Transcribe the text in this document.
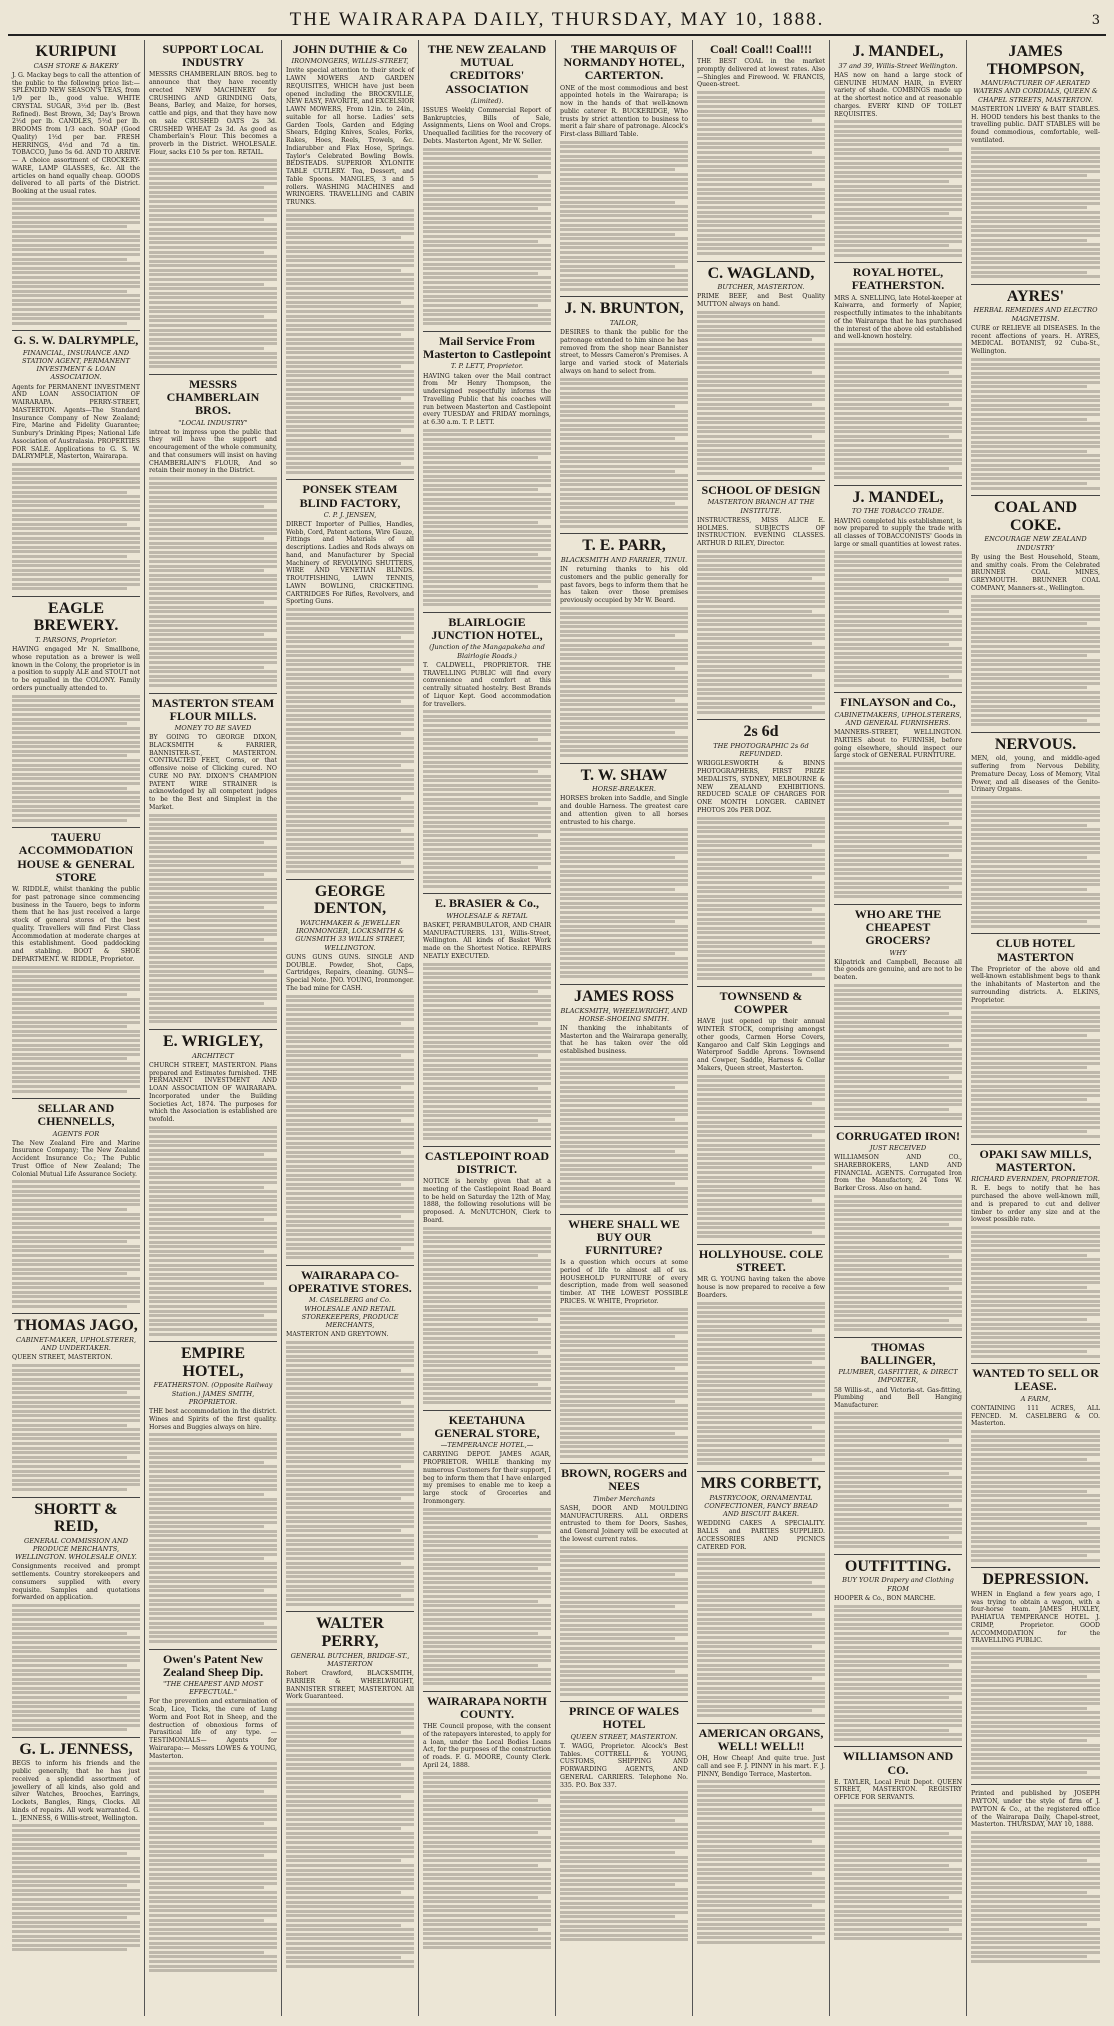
THE WAIRARAPA DAILY, THURSDAY, MAY 10, 1888.	3
KURIPUNI
CASH STORE & BAKERY
J. G. Mackay begs to call the attention of the public to the following price list:— SPLENDID NEW SEASON'S TEAS, from 1/9 per lb., good value. WHITE CRYSTAL SUGAR, 3½d per lb. (Best Refined). Best Brown, 3d; Day's Brown 2½d per lb. CANDLES, 5½d per lb. BROOMS from 1/3 each. SOAP (Good Quality) 1½d per bar. FRESH HERRINGS, 4½d and 7d a tin. TOBACCO, Juno 5s 6d. AND TO ARRIVE— A choice assortment of CROCKERY-WARE, LAMP GLASSES, &c. All the articles on hand equally cheap. GOODS delivered to all parts of the District. Booking at the usual rates.
G. S. W. DALRYMPLE,
FINANCIAL, INSURANCE AND STATION AGENT, PERMANENT INVESTMENT & LOAN ASSOCIATION.
Agents for PERMANENT INVESTMENT AND LOAN ASSOCIATION OF WAIRARAPA. PERRY-STREET, MASTERTON. Agents—The Standard Insurance Company of New Zealand; Fire, Marine and Fidelity Guarantee; Sunbury's Drinking Pipes; National Life Association of Australasia. PROPERTIES FOR SALE. Applications to G. S. W. DALRYMPLE, Masterton, Wairarapa.
EAGLE BREWERY.
T. PARSONS, Proprietor.
HAVING engaged Mr N. Smallbone, whose reputation as a brewer is well known in the Colony, the proprietor is in a position to supply ALE and STOUT not to be equalled in the COLONY. Family orders punctually attended to.
TAUERU ACCOMMODATION HOUSE & GENERAL STORE
W. RIDDLE, whilst thanking the public for past patronage since commencing business in the Tauero, begs to inform them that he has just received a large stock of general stores of the best quality. Travellers will find First Class Accommodation at moderate charges at this establishment. Good paddocking and stabling. BOOT & SHOE DEPARTMENT. W. RIDDLE, Proprietor.
SELLAR AND CHENNELLS,
AGENTS FOR
The New Zealand Fire and Marine Insurance Company; The New Zealand Accident Insurance Co.; The Public Trust Office of New Zealand; The Colonial Mutual Life Assurance Society.
THOMAS JAGO,
CABINET-MAKER, UPHOLSTERER, AND UNDERTAKER.
QUEEN STREET, MASTERTON.
SHORTT & REID,
GENERAL COMMISSION AND PRODUCE MERCHANTS, WELLINGTON. WHOLESALE ONLY.
Consignments received and prompt settlements. Country storekeepers and consumers supplied with every requisite. Samples and quotations forwarded on application.
G. L. JENNESS,
BEGS to inform his friends and the public generally, that he has just received a splendid assortment of jewellery of all kinds, also gold and silver Watches, Brooches, Earrings, Lockets, Bangles, Rings, Clocks. All kinds of repairs. All work warranted. G. L. JENNESS, 6 Willis-street, Wellington.
SUPPORT LOCAL INDUSTRY
MESSRS CHAMBERLAIN BROS. beg to announce that they have recently erected NEW MACHINERY for CRUSHING AND GRINDING Oats, Beans, Barley, and Maize, for horses, cattle and pigs, and that they have now on sale CRUSHED OATS 2s 3d. CRUSHED WHEAT 2s 3d. As good as Chamberlain's Flour. This becomes a proverb in the District. WHOLESALE. Flour, sacks £10 5s per ton. RETAIL.
MESSRS CHAMBERLAIN BROS.
"LOCAL INDUSTRY"
intreat to impress upon the public that they will have the support and encouragement of the whole community, and that consumers will insist on having CHAMBERLAIN'S FLOUR, And so retain their money in the District.
MASTERTON STEAM FLOUR MILLS.
MONEY TO BE SAVED
BY GOING TO GEORGE DIXON, BLACKSMITH & FARRIER, BANNISTER-ST., MASTERTON. CONTRACTED FEET, Corns, or that offensive noise of Clicking cured. NO CURE NO PAY. DIXON'S CHAMPION PATENT WIRE STRAINER is acknowledged by all competent judges to be the Best and Simplest in the Market.
E. WRIGLEY,
ARCHITECT
CHURCH STREET, MASTERTON. Plans prepared and Estimates furnished. THE PERMANENT INVESTMENT AND LOAN ASSOCIATION OF WAIRARAPA. Incorporated under the Building Societies Act, 1874. The purposes for which the Association is established are twofold.
EMPIRE HOTEL,
FEATHERSTON. (Opposite Railway Station.) JAMES SMITH, PROPRIETOR.
THE best accommodation in the district. Wines and Spirits of the first quality. Horses and Buggies always on hire.
Owen's Patent New Zealand Sheep Dip.
"THE CHEAPEST AND MOST EFFECTUAL."
For the prevention and extermination of Scab, Lice, Ticks, the cure of Lung Worm and Foot Rot in Sheep, and the destruction of obnoxious forms of Parasitical life of any type. —TESTIMONIALS— Agents for Wairarapa:— Messrs LOWES & YOUNG, Masterton.
JOHN DUTHIE & Co
IRONMONGERS, WILLIS-STREET,
Invite special attention to their stock of LAWN MOWERS AND GARDEN REQUISITES, WHICH have just been opened including the BROCKVILLE, NEW EASY, FAVORITE, and EXCELSIOR LAWN MOWERS, From 12in. to 24in., suitable for all horse. Ladies' sets Garden Tools, Garden and Edging Shears, Edging Knives, Scales, Forks, Rakes, Hoes, Reels, Trowels, &c. Indiarubber and Flax Hose, Springs. Taylor's Celebrated Bowling Bowls. BEDSTEADS. SUPERIOR XYLONITE TABLE CUTLERY. Tea, Dessert, and Table Spoons. MANGLES, 3 and 5 rollers. WASHING MACHINES and WRINGERS. TRAVELLING and CABIN TRUNKS.
PONSEK STEAM BLIND FACTORY,
C. P. J. JENSEN,
DIRECT Importer of Pullies, Handles, Webb, Cord, Patent actions, Wire Gauze, Fittings and Materials of all descriptions. Ladies and Rods always on hand, and Manufacturer by Special Machinery of REVOLVING SHUTTERS, WIRE AND VENETIAN BLINDS. TROUTFISHING, LAWN TENNIS, LAWN BOWLING, CRICKETING. CARTRIDGES For Rifles, Revolvers, and Sporting Guns.
GEORGE DENTON,
WATCHMAKER & JEWELLER IRONMONGER, LOCKSMITH & GUNSMITH 33 WILLIS STREET, WELLINGTON.
GUNS GUNS GUNS. SINGLE AND DOUBLE. Powder, Shot, Caps, Cartridges, Repairs, cleaning. GUNS—Special Note. JNO. YOUNG, Ironmonger. The bad mine for CASH.
WAIRARAPA CO-OPERATIVE STORES.
M. CASELBERG and Co. WHOLESALE AND RETAIL STOREKEEPERS, PRODUCE MERCHANTS,
MASTERTON AND GREYTOWN.
WALTER PERRY,
GENERAL BUTCHER, BRIDGE-ST., MASTERTON
Robert Crawford, BLACKSMITH, FARRIER & WHEELWRIGHT, BANNISTER STREET, MASTERTON. All Work Guaranteed.
THE NEW ZEALAND MUTUAL CREDITORS' ASSOCIATION
(Limited).
ISSUES Weekly Commercial Report of Bankruptcies, Bills of Sale, Assignments, Liens on Wool and Crops. Unequalled facilities for the recovery of Debts. Masterton Agent, Mr W. Seller.
Mail Service From Masterton to Castlepoint
T. P. LETT, Proprietor.
HAVING taken over the Mail contract from Mr Henry Thompson, the undersigned respectfully informs the Travelling Public that his coaches will run between Masterton and Castlepoint every TUESDAY and FRIDAY mornings, at 6.30 a.m. T. P. LETT.
BLAIRLOGIE JUNCTION HOTEL,
(Junction of the Mangapakeha and Blairlogie Roads.)
T. CALDWELL, PROPRIETOR. THE TRAVELLING PUBLIC will find every convenience and comfort at this centrally situated hostelry. Best Brands of Liquor Kept. Good accommodation for travellers.
E. BRASIER & Co.,
WHOLESALE & RETAIL
BASKET, PERAMBULATOR, AND CHAIR MANUFACTURERS. 131, Willis-Street, Wellington. All kinds of Basket Work made on the Shortest Notice. REPAIRS NEATLY EXECUTED.
CASTLEPOINT ROAD DISTRICT.
NOTICE is hereby given that at a meeting of the Castlepoint Road Board to be held on Saturday the 12th of May, 1888, the following resolutions will be proposed. A. McNUTCHON, Clerk to Board.
KEETAHUNA GENERAL STORE,
—TEMPERANCE HOTEL,—
CARRYING DEPOT. JAMES AGAR, PROPRIETOR. WHILE thanking my numerous Customers for their support, I beg to inform them that I have enlarged my premises to enable me to keep a large stock of Groceries and Ironmongery.
WAIRARAPA NORTH COUNTY.
THE Council propose, with the consent of the ratepayers interested, to apply for a loan, under the Local Bodies Loans Act, for the purposes of the construction of roads. F. G. MOORE, County Clerk. April 24, 1888.
THE MARQUIS OF NORMANDY HOTEL, CARTERTON.
ONE of the most commodious and best appointed hotels in the Wairarapa; is now in the hands of that well-known public caterer R. BUCKERIDGE, Who trusts by strict attention to business to merit a fair share of patronage. Alcock's First-class Billiard Table.
J. N. BRUNTON,
TAILOR,
DESIRES to thank the public for the patronage extended to him since he has removed from the shop near Bannister street, to Messrs Cameron's Premises. A large and varied stock of Materials always on hand to select from.
T. E. PARR,
BLACKSMITH AND FARRIER, TINUI.
IN returning thanks to his old customers and the public generally for past favors, begs to inform them that he has taken over those premises previously occupied by Mr W. Beard.
T. W. SHAW
HORSE-BREAKER.
HORSES broken into Saddle, and Single and double Harness. The greatest care and attention given to all horses entrusted to his charge.
JAMES ROSS
BLACKSMITH, WHEELWRIGHT, AND HORSE-SHOEING SMITH.
IN thanking the inhabitants of Masterton and the Wairarapa generally, that he has taken over the old established business.
WHERE SHALL WE BUY OUR FURNITURE?
Is a question which occurs at some period of life to almost all of us. HOUSEHOLD FURNITURE of every description, made from well seasoned timber. AT THE LOWEST POSSIBLE PRICES. W. WHITE, Proprietor.
BROWN, ROGERS and NEES
Timber Merchants
SASH, DOOR AND MOULDING MANUFACTURERS. ALL ORDERS entrusted to them for Doors, Sashes, and General Joinery will be executed at the lowest current rates.
PRINCE OF WALES HOTEL
QUEEN STREET, MASTERTON.
T. WAGG, Proprietor. Alcock's Best Tables. COTTRELL & YOUNG, CUSTOMS, SHIPPING AND FORWARDING AGENTS, AND GENERAL CARRIERS. Telephone No. 335. P.O. Box 337.
Coal! Coal!! Coal!!!
THE BEST COAL in the market promptly delivered at lowest rates. Also—Shingles and Firewood. W. FRANCIS, Queen-street.
C. WAGLAND,
BUTCHER, MASTERTON.
PRIME BEEF, and Best Quality MUTTON always on hand.
SCHOOL OF DESIGN
MASTERTON BRANCH AT THE INSTITUTE.
INSTRUCTRESS, MISS ALICE E. HOLMES. SUBJECTS OF INSTRUCTION. EVENING CLASSES. ARTHUR D RILEY, Director.
2s 6d
THE PHOTOGRAPHIC 2s 6d REFUNDED.
WRIGGLESWORTH & BINNS PHOTOGRAPHERS, FIRST PRIZE MEDALISTS, SYDNEY, MELBOURNE & NEW ZEALAND EXHIBITIONS. REDUCED SCALE OF CHARGES FOR ONE MONTH LONGER. CABINET PHOTOS 20s PER DOZ.
TOWNSEND & COWPER
HAVE just opened up their annual WINTER STOCK, comprising amongst other goods, Carmen Horse Covers, Kangaroo and Calf Skin Leggings and Waterproof Saddle Aprons. Townsend and Cowper, Saddle, Harness & Collar Makers, Queen street, Masterton.
HOLLYHOUSE. COLE STREET.
MR G. YOUNG having taken the above house is now prepared to receive a few Boarders.
MRS CORBETT,
PASTRYCOOK, ORNAMENTAL CONFECTIONER, FANCY BREAD AND BISCUIT BAKER.
WEDDING CAKES A SPECIALITY. BALLS and PARTIES SUPPLIED. ACCESSORIES AND PICNICS CATERED FOR.
AMERICAN ORGANS, WELL! WELL!!
OH, How Cheap! And quite true. Just call and see F. J. PINNY in his mart. F. J. PINNY, Bendigo Terrace, Masterton.
J. MANDEL,
37 and 39, Willis-Street Wellington.
HAS now on hand a large stock of GENUINE HUMAN HAIR, in EVERY variety of shade. COMBINGS made up at the shortest notice and at reasonable charges. EVERY KIND OF TOILET REQUISITES.
ROYAL HOTEL, FEATHERSTON.
MRS A. SNELLING, late Hotel-keeper at Kaiwarra, and formerly of Napier, respectfully intimates to the inhabitants of the Wairarapa that he has purchased the interest of the above old established and well-known hostelry.
J. MANDEL,
TO THE TOBACCO TRADE.
HAVING completed his establishment, is now prepared to supply the trade with all classes of TOBACCONISTS' Goods in large or small quantities at lowest rates.
FINLAYSON and Co.,
CABINETMAKERS, UPHOLSTERERS, AND GENERAL FURNISHERS.
MANNERS-STREET, WELLINGTON. PARTIES about to FURNISH, before going elsewhere, should inspect our large stock of GENERAL FURNITURE.
WHO ARE THE CHEAPEST GROCERS?
WHY
Kilpatrick and Campbell, Because all the goods are genuine, and are not to be beaten.
CORRUGATED IRON!
JUST RECEIVED
WILLIAMSON AND CO., SHAREBROKERS, LAND AND FINANCIAL AGENTS. Corrugated Iron from the Manufactory, 24 Tons W. Barker Cross. Also on hand.
THOMAS BALLINGER,
PLUMBER, GASFITTER, & DIRECT IMPORTER,
58 Willis-st., and Victoria-st. Gas-fitting, Plumbing and Bell Hanging Manufacturer.
OUTFITTING.
BUY YOUR Drapery and Clothing FROM
HOOPER & Co., BON MARCHE.
WILLIAMSON AND CO.
E. TAYLER, Local Fruit Depot. QUEEN STREET, MASTERTON. REGISTRY OFFICE FOR SERVANTS.
JAMES THOMPSON,
MANUFACTURER OF AERATED WATERS AND CORDIALS, QUEEN & CHAPEL STREETS, MASTERTON.
MASTERTON LIVERY & BAIT STABLES. H. HOOD tenders his best thanks to the travelling public. DAIT STABLES will be found commodious, comfortable, well-ventilated.
AYRES'
HERBAL REMEDIES AND ELECTRO MAGNETISM.
CURE or RELIEVE all DISEASES. In the recent affections of years. H. AYRES, MEDICAL BOTANIST, 92 Cuba-St., Wellington.
COAL AND COKE.
ENCOURAGE NEW ZEALAND INDUSTRY
By using the Best Household, Steam, and smithy coals. From the Celebrated BRUNNER COAL MINES, GREYMOUTH. BRUNNER COAL COMPANY, Manners-st., Wellington.
NERVOUS.
MEN, old, young, and middle-aged suffering from Nervous Debility, Premature Decay, Loss of Memory, Vital Power, and all diseases of the Genito-Urinary Organs.
CLUB HOTEL MASTERTON
The Proprietor of the above old and well-known establishment begs to thank the inhabitants of Masterton and the surrounding districts. A. ELKINS, Proprietor.
OPAKI SAW MILLS, MASTERTON.
RICHARD EVERNDEN, PROPRIETOR.
R. E. begs to notify that he has purchased the above well-known mill, and is prepared to cut and deliver timber to order any size and at the lowest possible rate.
WANTED TO SELL OR LEASE.
A FARM,
CONTAINING 111 ACRES, ALL FENCED. M. CASELBERG & CO. Masterton.
DEPRESSION.
WHEN in England a few years ago, I was trying to obtain a wagon, with a four-horse team. JAMES HUXLEY, PAHIATUA TEMPERANCE HOTEL. J. CRIMP, Proprietor. GOOD ACCOMMODATION for the TRAVELLING PUBLIC.
Printed and published by JOSEPH PAYTON, under the style of firm of J. PAYTON & Co., at the registered office of the Wairarapa Daily, Chapel-street, Masterton. THURSDAY, MAY 10, 1888.
